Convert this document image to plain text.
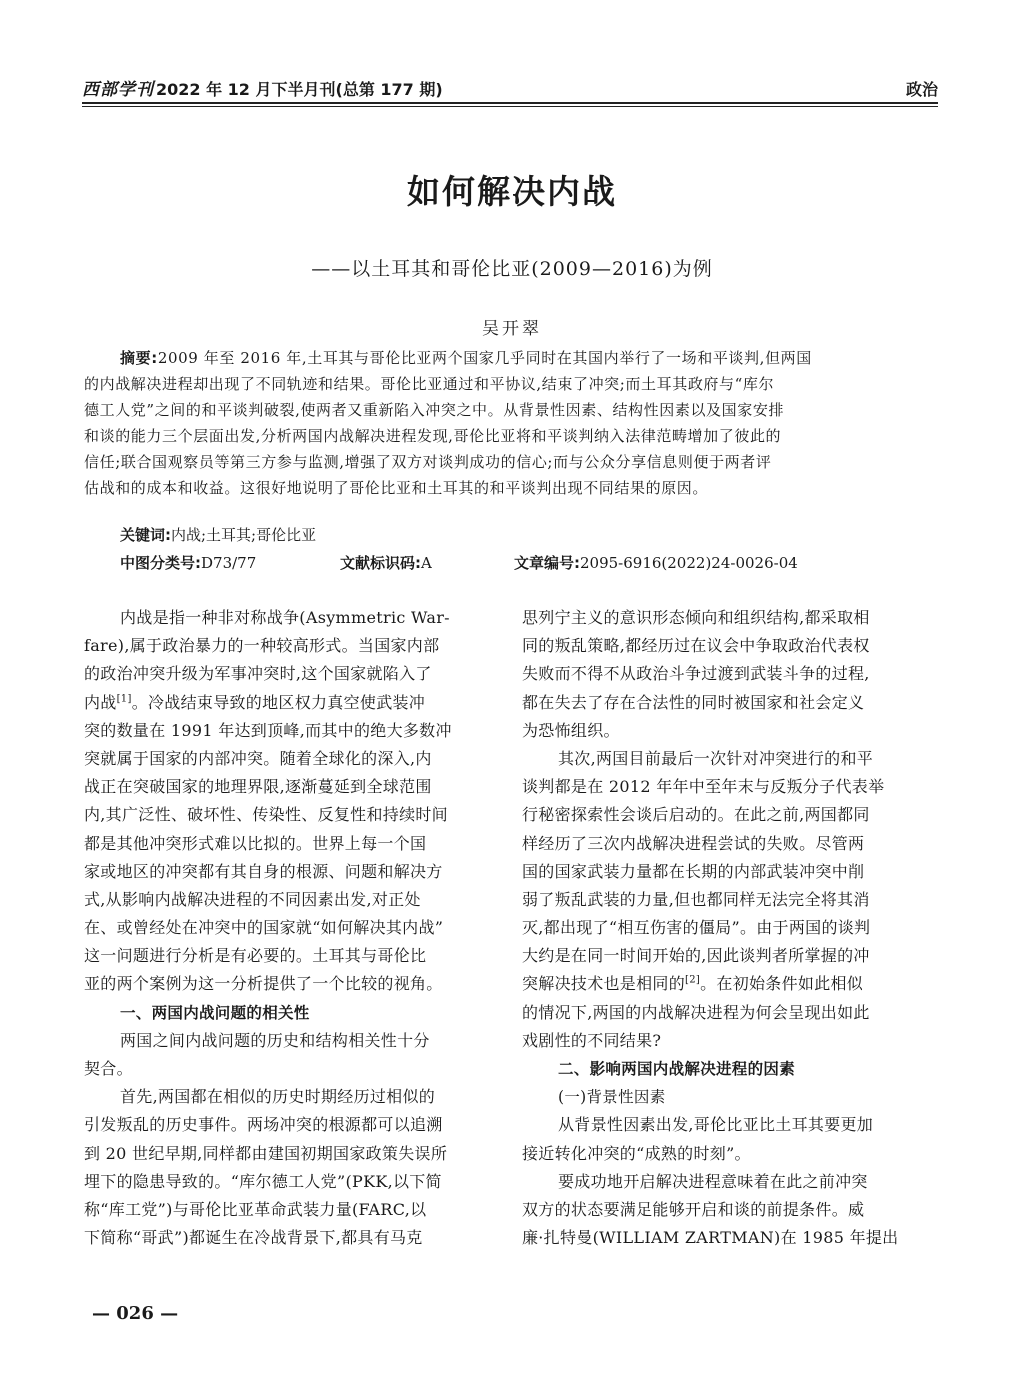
西部学刊 2022 年 12 月下半月刊(总第 177 期)	政治
如何解决内战
——以土耳其和哥伦比亚(2009—2016)为例
吴开翠
摘要:2009 年至 2016 年,土耳其与哥伦比亚两个国家几乎同时在其国内举行了一场和平谈判,但两国
的内战解决进程却出现了不同轨迹和结果。哥伦比亚通过和平协议,结束了冲突;而土耳其政府与“库尔
德工人党”之间的和平谈判破裂,使两者又重新陷入冲突之中。从背景性因素、结构性因素以及国家安排
和谈的能力三个层面出发,分析两国内战解决进程发现,哥伦比亚将和平谈判纳入法律范畴增加了彼此的
信任;联合国观察员等第三方参与监测,增强了双方对谈判成功的信心;而与公众分享信息则便于两者评
估战和的成本和收益。这很好地说明了哥伦比亚和土耳其的和平谈判出现不同结果的原因。
关键词:内战;土耳其;哥伦比亚
中图分类号:D73/77	文献标识码:A	文章编号:2095-6916(2022)24-0026-04
内战是指一种非对称战争(Asymmetric War-
fare),属于政治暴力的一种较高形式。当国家内部
的政治冲突升级为军事冲突时,这个国家就陷入了
内战[1]。冷战结束导致的地区权力真空使武装冲
突的数量在 1991 年达到顶峰,而其中的绝大多数冲
突就属于国家的内部冲突。随着全球化的深入,内
战正在突破国家的地理界限,逐渐蔓延到全球范围
内,其广泛性、破坏性、传染性、反复性和持续时间
都是其他冲突形式难以比拟的。世界上每一个国
家或地区的冲突都有其自身的根源、问题和解决方
式,从影响内战解决进程的不同因素出发,对正处
在、或曾经处在冲突中的国家就“如何解决其内战”
这一问题进行分析是有必要的。土耳其与哥伦比
亚的两个案例为这一分析提供了一个比较的视角。
一、两国内战问题的相关性
两国之间内战问题的历史和结构相关性十分
契合。
首先,两国都在相似的历史时期经历过相似的
引发叛乱的历史事件。两场冲突的根源都可以追溯
到 20 世纪早期,同样都由建国初期国家政策失误所
埋下的隐患导致的。“库尔德工人党”(PKK,以下简
称“库工党”)与哥伦比亚革命武装力量(FARC,以
下简称“哥武”)都诞生在冷战背景下,都具有马克
思列宁主义的意识形态倾向和组织结构,都采取相
同的叛乱策略,都经历过在议会中争取政治代表权
失败而不得不从政治斗争过渡到武装斗争的过程,
都在失去了存在合法性的同时被国家和社会定义
为恐怖组织。
其次,两国目前最后一次针对冲突进行的和平
谈判都是在 2012 年年中至年末与反叛分子代表举
行秘密探索性会谈后启动的。在此之前,两国都同
样经历了三次内战解决进程尝试的失败。尽管两
国的国家武装力量都在长期的内部武装冲突中削
弱了叛乱武装的力量,但也都同样无法完全将其消
灭,都出现了“相互伤害的僵局”。由于两国的谈判
大约是在同一时间开始的,因此谈判者所掌握的冲
突解决技术也是相同的[2]。在初始条件如此相似
的情况下,两国的内战解决进程为何会呈现出如此
戏剧性的不同结果?
二、影响两国内战解决进程的因素
(一)背景性因素
从背景性因素出发,哥伦比亚比土耳其要更加
接近转化冲突的“成熟的时刻”。
要成功地开启解决进程意味着在此之前冲突
双方的状态要满足能够开启和谈的前提条件。威
廉·扎特曼(WILLIAM ZARTMAN)在 1985 年提出
— 026 —
